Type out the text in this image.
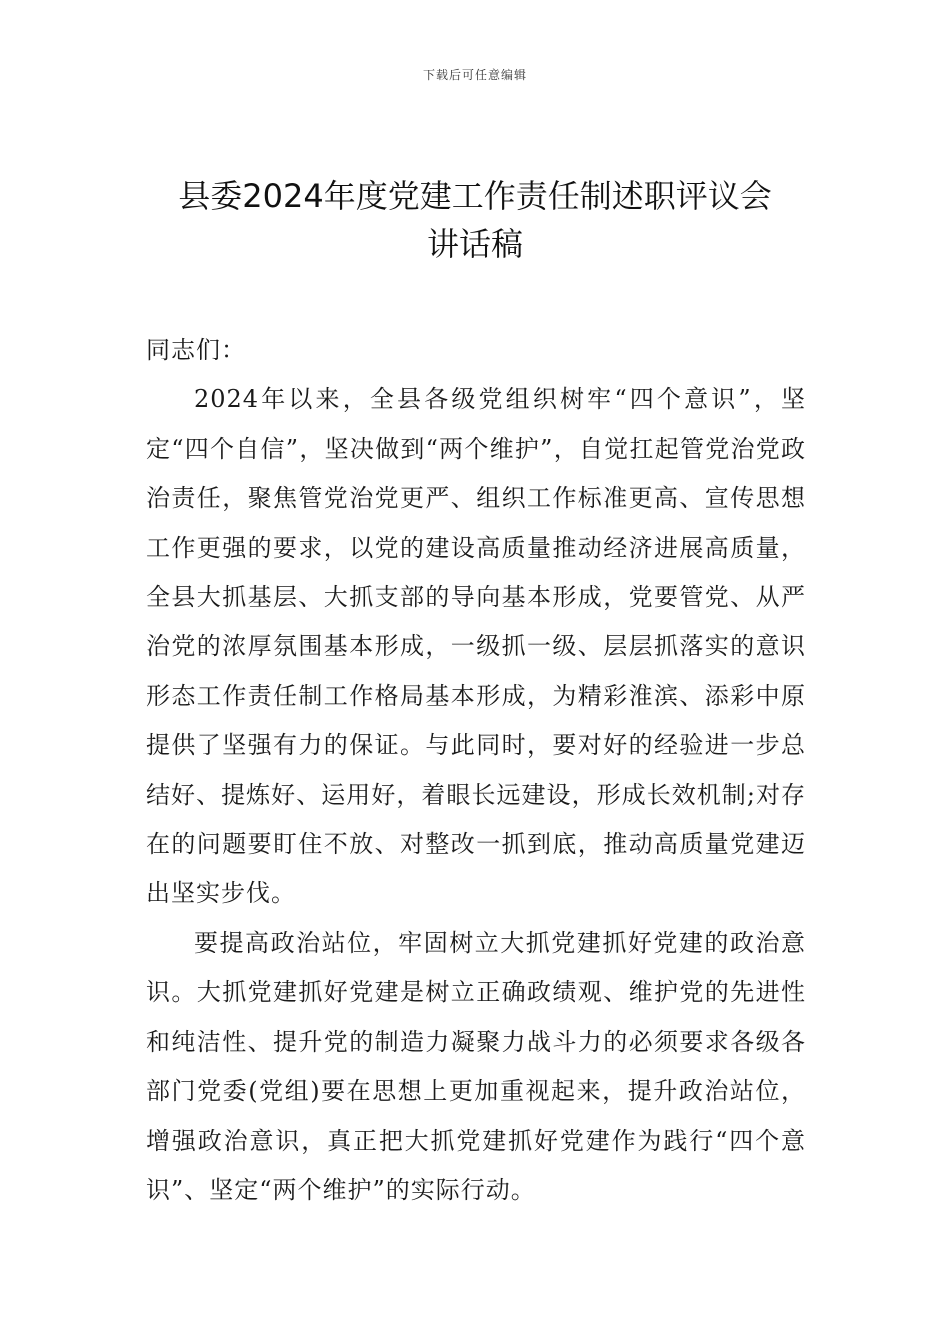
下载后可任意编辑
县委2024年度党建工作责任制述职评议会
讲话稿

同志们：

2024年以来，全县各级党组织树牢“四个意识”，坚定“四个自信”，坚决做到“两个维护”，自觉扛起管党治党政治责任，聚焦管党治党更严、组织工作标准更高、宣传思想工作更强的要求，以党的建设高质量推动经济进展高质量，全县大抓基层、大抓支部的导向基本形成，党要管党、从严治党的浓厚氛围基本形成，一级抓一级、层层抓落实的意识形态工作责任制工作格局基本形成，为精彩淮滨、添彩中原提供了坚强有力的保证。与此同时，要对好的经验进一步总结好、提炼好、运用好，着眼长远建设，形成长效机制;对存在的问题要盯住不放、对整改一抓到底，推动高质量党建迈出坚实步伐。

要提高政治站位，牢固树立大抓党建抓好党建的政治意识。大抓党建抓好党建是树立正确政绩观、维护党的先进性和纯洁性、提升党的制造力凝聚力战斗力的必须要求各级各部门党委(党组)要在思想上更加重视起来，提升政治站位，增强政治意识，真正把大抓党建抓好党建作为践行“四个意识”、坚定“两个维护”的实际行动。
